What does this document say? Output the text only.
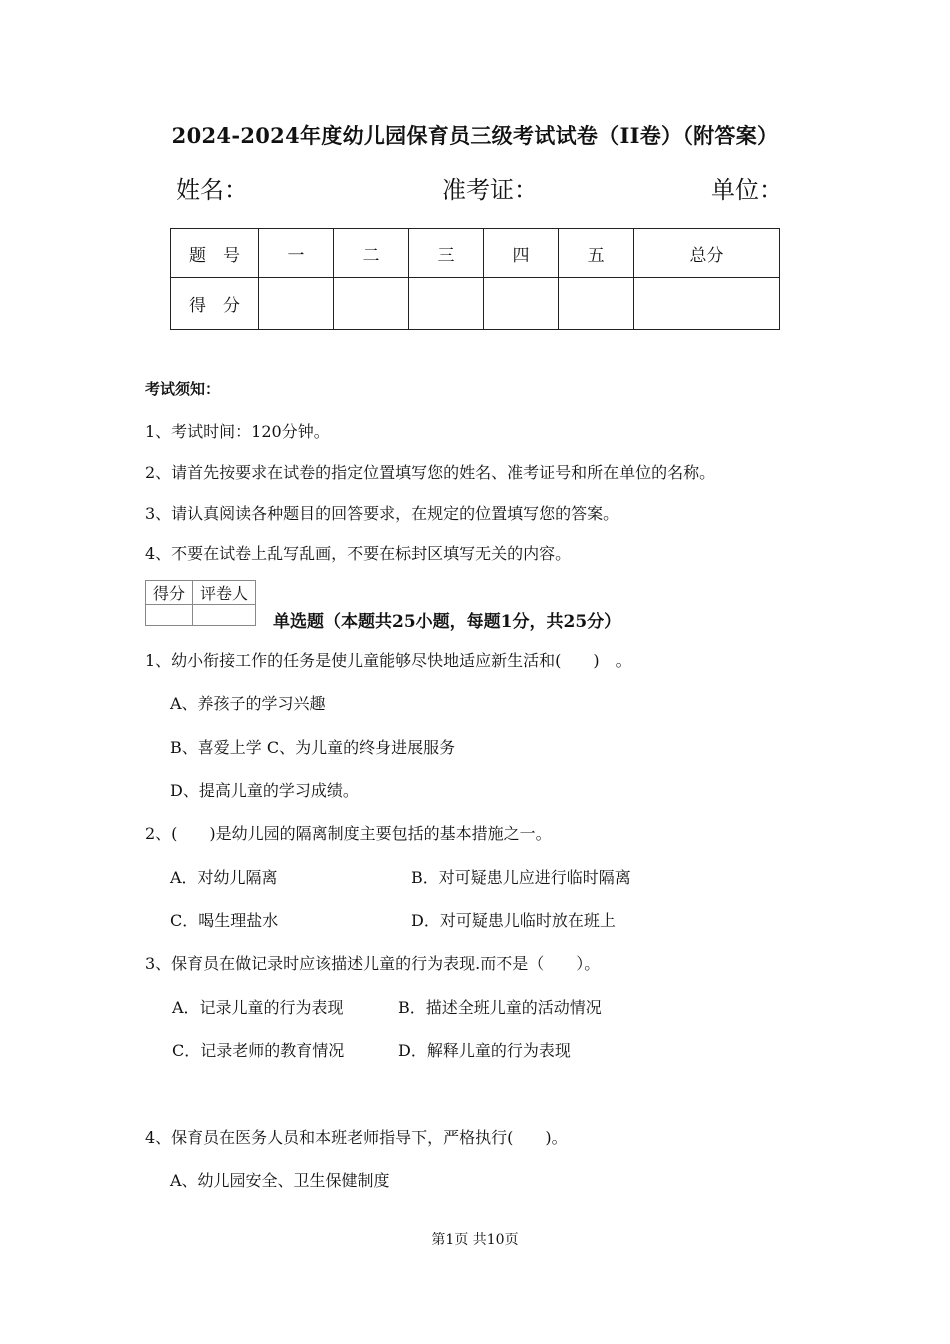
2024-2024年度幼儿园保育员三级考试试卷（II卷）（附答案）
姓名：	准考证：	单位：
题　号	一	二	三	四	五	总分
得　分						
考试须知：
1、考试时间：120分钟。
2、请首先按要求在试卷的指定位置填写您的姓名、准考证号和所在单位的名称。
3、请认真阅读各种题目的回答要求，在规定的位置填写您的答案。
4、不要在试卷上乱写乱画，不要在标封区填写无关的内容。
得分	评卷人

单选题（本题共25小题，每题1分，共25分）
1、幼小衔接工作的任务是使儿童能够尽快地适应新生活和(　　)　。
A、养孩子的学习兴趣
B、喜爱上学 C、为儿童的终身进展服务
D、提高儿童的学习成绩。
2、(　　)是幼儿园的隔离制度主要包括的基本措施之一。
A．对幼儿隔离	B．对可疑患儿应进行临时隔离
C．喝生理盐水	D．对可疑患儿临时放在班上
3、保育员在做记录时应该描述儿童的行为表现.而不是（　　）。
A．记录儿童的行为表现	B．描述全班儿童的活动情况
C．记录老师的教育情况	D．解释儿童的行为表现
4、保育员在医务人员和本班老师指导下，严格执行(　　)。
A、幼儿园安全、卫生保健制度
第1页 共10页
